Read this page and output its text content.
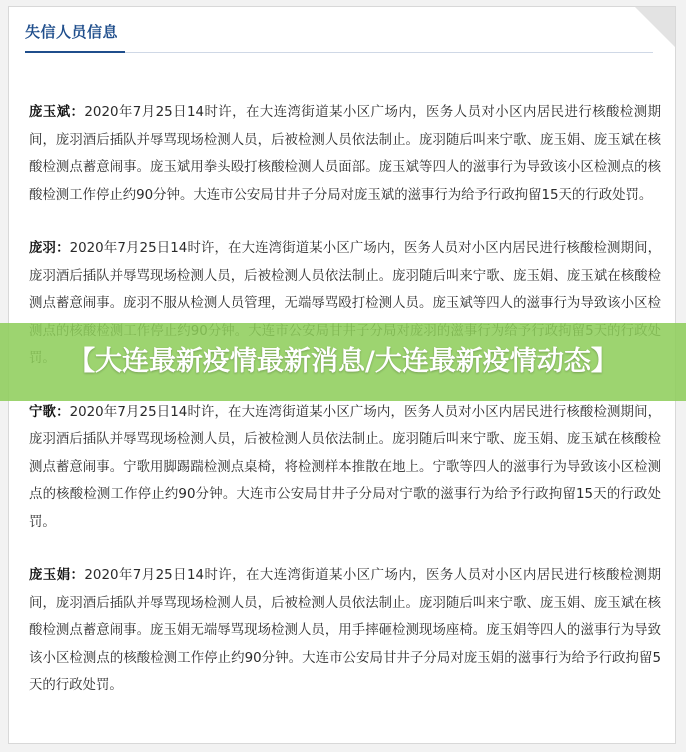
失信人员信息

庞玉斌：2020年7月25日14时许，在大连湾街道某小区广场内，医务人员对小区内居民进行核酸检测期间，庞羽酒后插队并辱骂现场检测人员，后被检测人员依法制止。庞羽随后叫来宁歌、庞玉娟、庞玉斌在核酸检测点蓄意闹事。庞玉斌用拳头殴打核酸检测人员面部。庞玉斌等四人的滋事行为导致该小区检测点的核酸检测工作停止约90分钟。大连市公安局甘井子分局对庞玉斌的滋事行为给予行政拘留15天的行政处罚。

庞羽：2020年7月25日14时许，在大连湾街道某小区广场内，医务人员对小区内居民进行核酸检测期间，庞羽酒后插队并辱骂现场检测人员，后被检测人员依法制止。庞羽随后叫来宁歌、庞玉娟、庞玉斌在核酸检测点蓄意闹事。庞羽不服从检测人员管理，无端辱骂殴打检测人员。庞玉斌等四人的滋事行为导致该小区检

宁歌：2020年7月25日14时许，在大连湾街道某小区广场内，医务人员对小区内居民进行核酸检测期间，庞羽酒后插队并辱骂现场检测人员，后被检测人员依法制止。庞羽随后叫来宁歌、庞玉娟、庞玉斌在核酸检测点蓄意闹事。宁歌用脚踢踹检测点桌椅，将检测样本推散在地上。宁歌等四人的滋事行为导致该小区检测点的核酸检测工作停止约90分钟。大连市公安局甘井子分局对宁歌的滋事行为给予行政拘留15天的行政处罚。

庞玉娟：2020年7月25日14时许，在大连湾街道某小区广场内，医务人员对小区内居民进行核酸检测期间，庞羽酒后插队并辱骂现场检测人员，后被检测人员依法制止。庞羽随后叫来宁歌、庞玉娟、庞玉斌在核酸检测点蓄意闹事。庞玉娟无端辱骂现场检测人员，用手摔砸检测现场座椅。庞玉娟等四人的滋事行为导致该小区检测点的核酸检测工作停止约90分钟。大连市公安局甘井子分局对庞玉娟的滋事行为给予行政拘留5天的行政处罚。

【大连最新疫情最新消息/大连最新疫情动态】
